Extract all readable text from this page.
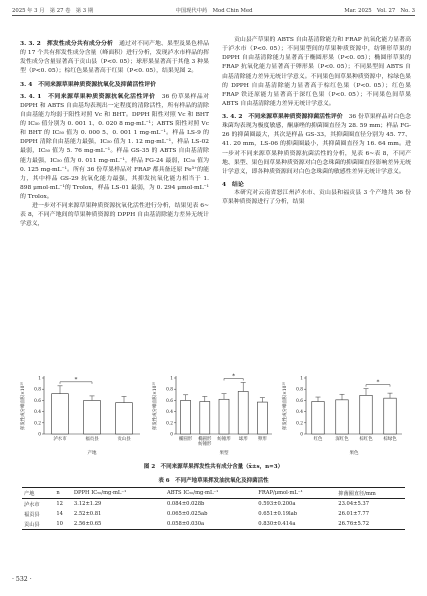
2025 年 3 月　第 27 卷　第 3 期	中国现代中药　Mod Chin Med	Mar. 2025　Vol. 27　No. 3

3. 3. 2　挥发性成分共有成分分析　通过对不同产地、果型及果色样品的 17 个共有挥发性成分含量（峰面积）进行分析，发现泸水市样品的挥发性成分含量显著高于贡山县（P<0. 05）；球形果显著高于其他 3 种果型（P<0. 05）；棕红色果显著高于红果（P<0. 05），结果见图 2。

3. 4　不同来源草果种质资源抗氧化及抑菌活性评价

3. 4. 1　不同来源草果种质资源抗氧化活性评价　36 份草果样品对 DPPH 和 ABTS 自由基均表现出一定程度的清除活性，所有样品的清除自由基能力均弱于阳性对照 Vc 和 BHT。DPPH 阳性对照 Vc 和 BHT 的 IC₅₀ 值分别为 0. 001 1、0. 020 8 mg·mL⁻¹；ABTS 阳性对照 Vc 和 BHT 的 IC₅₀ 值为 0. 000 5、0. 001 1 mg·mL⁻¹。样品 LS-9 的 DPPH 清除自由基能力最强，IC₅₀ 值为 1. 12 mg·mL⁻¹，样品 LS-02 最弱，IC₅₀ 值为 5. 76 mg·mL⁻¹。样品 GS-35 的 ABTS 自由基清除能力最强，IC₅₀ 值为 0. 011 mg·mL⁻¹，样品 FG-24 最弱，IC₅₀ 值为 0. 125 mg·mL⁻¹。所有 36 份草果样品对 FRAP 都具备还原 Fe³⁺的能力，其中样品 GS-29 抗氧化能力最强，其抑发抗氧化能力相当于 1. 898 μmol·mL⁻¹的 Trolox，样品 LS-01 最弱，为 0. 294 μmol·mL⁻¹的 Trolox。

进一步对不同来源草果种质资源抗氧化活性进行分析，结果见表 6~表 8，不同产地间的草果种质资源的 DPPH 自由基清除能力差异无统计学意义，

贡山县产草果的 ABTS 自由基清除能力和 FRAP 抗氧化能力显著高于泸水市（P<0. 05）；不同果型间的草果种质资源中，纺锤形草果的 DPPH 自由基清除能力显著高于椭圆形果（P<0. 05）；椭圆形草果的 FRAP 抗氧化能力显著高于卵形果（P<0. 05）；不同果型间 ABTS 自由基清除能力差异无统计学意义。不同果色间草果种质资源中，棕绿色果的 DPPH 自由基清除能力显著高于棕红色果（P<0. 05）；红色果 FRAP 铁还原能力显著高于深红色果（P<0. 05）；不同果色间草果 ABTS 自由基清除能力差异无统计学意义。

3. 4. 2　不同来源草果种质资源抑菌活性评价　36 份草果样品对白色念珠菌均表现为极度敏感，酮康唑的抑菌圈直径为 28. 59 mm；样品 FG-26 的抑菌圈最大，其次是样品 GS-33，其抑菌圈直径分别为 45. 77、41. 20 mm，LS-06 的抑菌圈最小，其抑菌圈直径为 16. 64 mm。进一步对不同来源草果种质资源抗菌活性的分析，见表 6~表 8，不同产地、果型、果色间草果种质资源对白色念珠菌的抑菌圈直径影响差异无统计学意义，即各种质资源间对白色念珠菌的敏感性差异无统计学意义。

4　结论

本研究对云南省怒江州泸水市、贡山县和福贡县 3 个产地共 36 份草果种质资源进行了分析，结果

挥发性成分峰面积×10¹⁰
0
0.2
0.4
0.6
0.8
1
泸水市	福贡县	贡山县
*
产地
挥发性成分峰面积×10¹⁰
0
0.2
0.4
0.6
0.8
1
椭圆形 椭圆形
纺锤形
纺锤形 球形 卵形
*
果型
挥发性成分峰面积×10¹⁰
0
0.2
0.4
0.6
0.8
1
红色	深红色 棕红色 棕绿色
*
果色
图 2　不同来源草果挥发性共有成分含量（x̄±s，n=3）
表 6　不同产地草果挥发油抗氧化及抑菌活性
产地	n	DPPH IC₅₀/mg·mL⁻¹	ABTS IC₅₀/mg·mL⁻¹	FRAP/μmol·mL⁻¹	抑菌圈直径/mm
泸水市	12	3.12±1.29	0.084±0.028b	0.593±0.200a	23.04±5.37
福贡县	14	2.52±0.81	0.065±0.025ab	0.651±0.19lab	26.01±7.77
贡山县	10	2.56±0.65	0.058±0.030a	0.830±0.414a	26.76±5.72
· 532 ·
